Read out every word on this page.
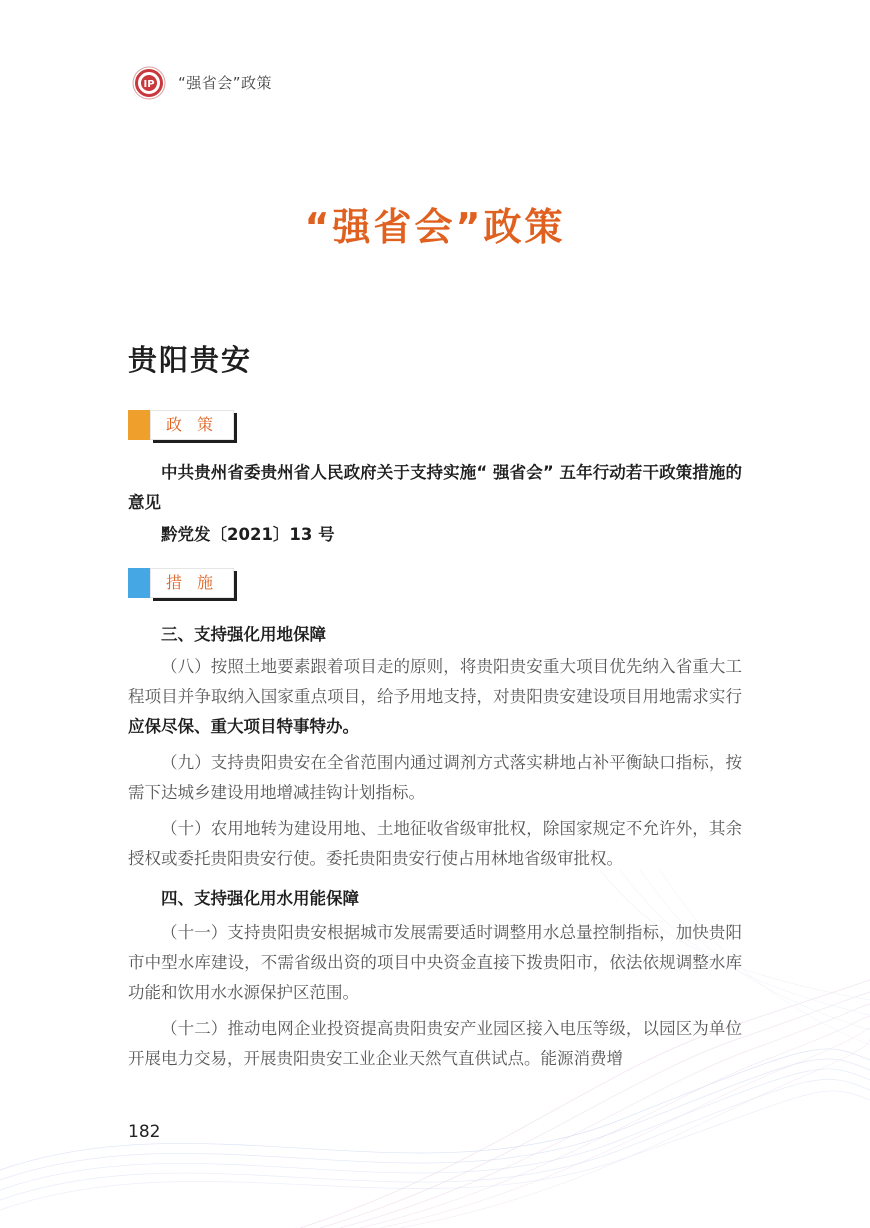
IP “强省会”政策
“强省会”政策
贵阳贵安
政 策

中共贵州省委贵州省人民政府关于支持实施“ 强省会” 五年行动若干政策措施的意见

黔党发〔2021〕13 号

措 施

三、支持强化用地保障

（八）按照土地要素跟着项目走的原则，将贵阳贵安重大项目优先纳入省重大工程项目并争取纳入国家重点项目，给予用地支持，对贵阳贵安建设项目用地需求实行应保尽保、重大项目特事特办。

（九）支持贵阳贵安在全省范围内通过调剂方式落实耕地占补平衡缺口指标，按需下达城乡建设用地增减挂钩计划指标。

（十）农用地转为建设用地、土地征收省级审批权，除国家规定不允许外，其余授权或委托贵阳贵安行使。委托贵阳贵安行使占用林地省级审批权。

四、支持强化用水用能保障

（十一）支持贵阳贵安根据城市发展需要适时调整用水总量控制指标，加快贵阳市中型水库建设，不需省级出资的项目中央资金直接下拨贵阳市，依法依规调整水库功能和饮用水水源保护区范围。

（十二）推动电网企业投资提高贵阳贵安产业园区接入电压等级，以园区为单位开展电力交易，开展贵阳贵安工业企业天然气直供试点。能源消费增

182
